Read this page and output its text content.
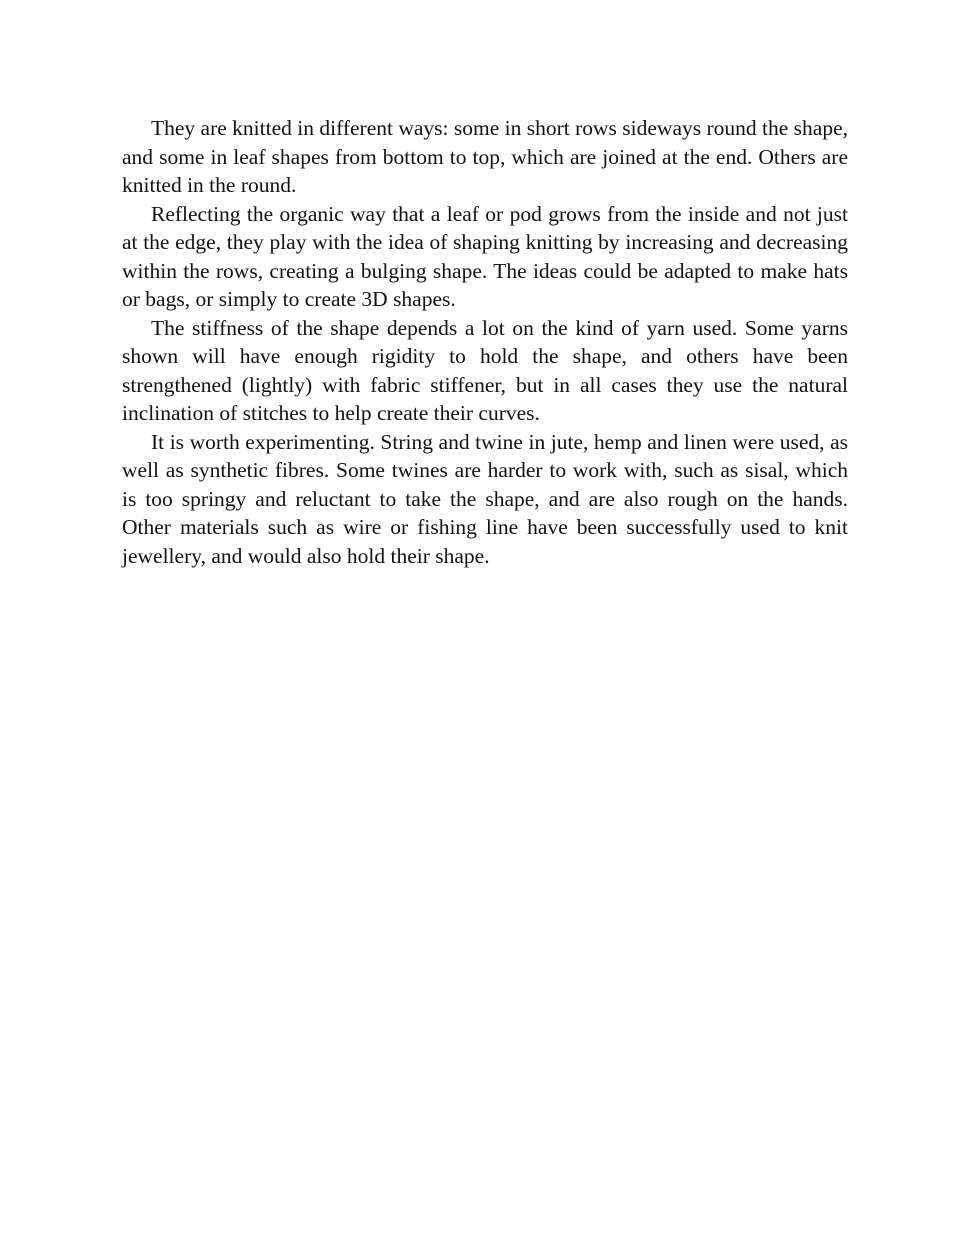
They are knitted in different ways: some in short rows sideways round the shape, and some in leaf shapes from bottom to top, which are joined at the end. Others are knitted in the round.

Reflecting the organic way that a leaf or pod grows from the inside and not just at the edge, they play with the idea of shaping knitting by increasing and decreasing within the rows, creating a bulging shape. The ideas could be adapted to make hats or bags, or simply to create 3D shapes.

The stiffness of the shape depends a lot on the kind of yarn used. Some yarns shown will have enough rigidity to hold the shape, and others have been strengthened (lightly) with fabric stiffener, but in all cases they use the natural inclination of stitches to help create their curves.

It is worth experimenting. String and twine in jute, hemp and linen were used, as well as synthetic fibres. Some twines are harder to work with, such as sisal, which is too springy and reluctant to take the shape, and are also rough on the hands. Other materials such as wire or fishing line have been successfully used to knit jewellery, and would also hold their shape.
